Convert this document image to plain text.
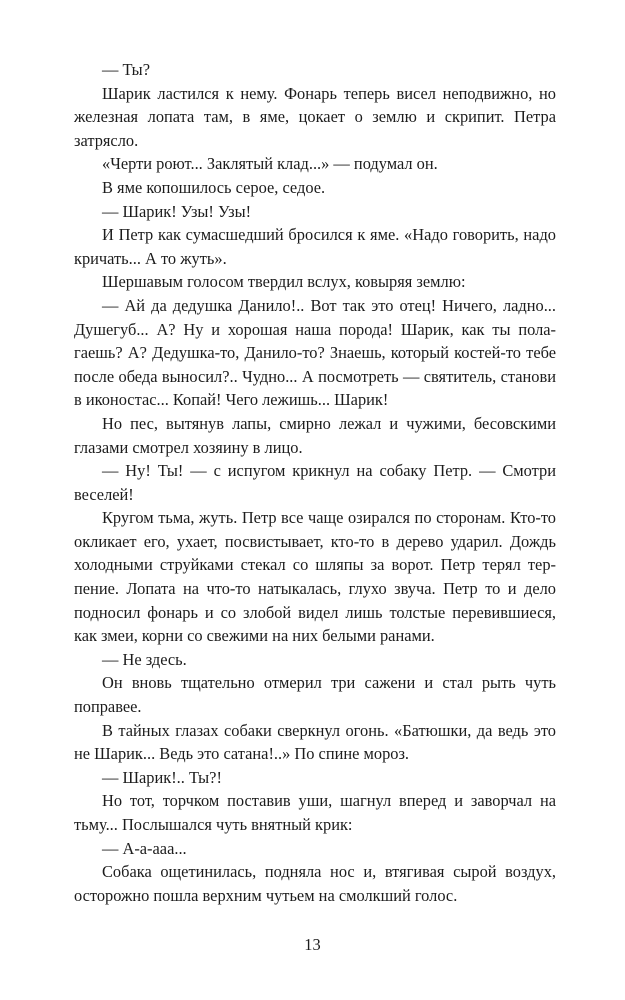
— Ты?

Шарик ластился к нему. Фонарь теперь висел неподвижно, но железная лопата там, в яме, цокает о землю и скрипит. Петра затрясло.

«Черти роют... Заклятый клад...» — подумал он.

В яме копошилось серое, седое.

— Шарик! Узы! Узы!

И Петр как сумасшедший бросился к яме. «Надо говорить, надо кричать... А то жуть».

Шершавым голосом твердил вслух, ковыряя землю:

— Ай да дедушка Данило!.. Вот так это отец! Ничего, ладно... Душегуб... А? Ну и хорошая наша порода! Шарик, как ты полагаешь? А? Дедушка-то, Данило-то? Знаешь, который костей-то тебе после обеда выносил?.. Чудно... А посмотреть — святитель, станови в иконостас... Копай! Чего лежишь... Шарик!

Но пес, вытянув лапы, смирно лежал и чужими, бесовскими глазами смотрел хозяину в лицо.

— Ну! Ты! — с испугом крикнул на собаку Петр. — Смотри веселей!

Кругом тьма, жуть. Петр все чаще озирался по сторонам. Кто-то окликает его, ухает, посвистывает, кто-то в дерево ударил. Дождь холодными струйками стекал со шляпы за ворот. Петр терял терпение. Лопата на что-то натыкалась, глухо звуча. Петр то и дело подносил фонарь и со злобой видел лишь толстые перевившиеся, как змеи, корни со свежими на них белыми ранами.

— Не здесь.

Он вновь тщательно отмерил три сажени и стал рыть чуть поправее.

В тайных глазах собаки сверкнул огонь. «Батюшки, да ведь это не Шарик... Ведь это сатана!..» По спине мороз.

— Шарик!.. Ты?!

Но тот, торчком поставив уши, шагнул вперед и заворчал на тьму... Послышался чуть внятный крик:

— А-а-ааа...

Собака ощетинилась, подняла нос и, втягивая сырой воздух, осторожно пошла верхним чутьем на смолкший голос.

13
